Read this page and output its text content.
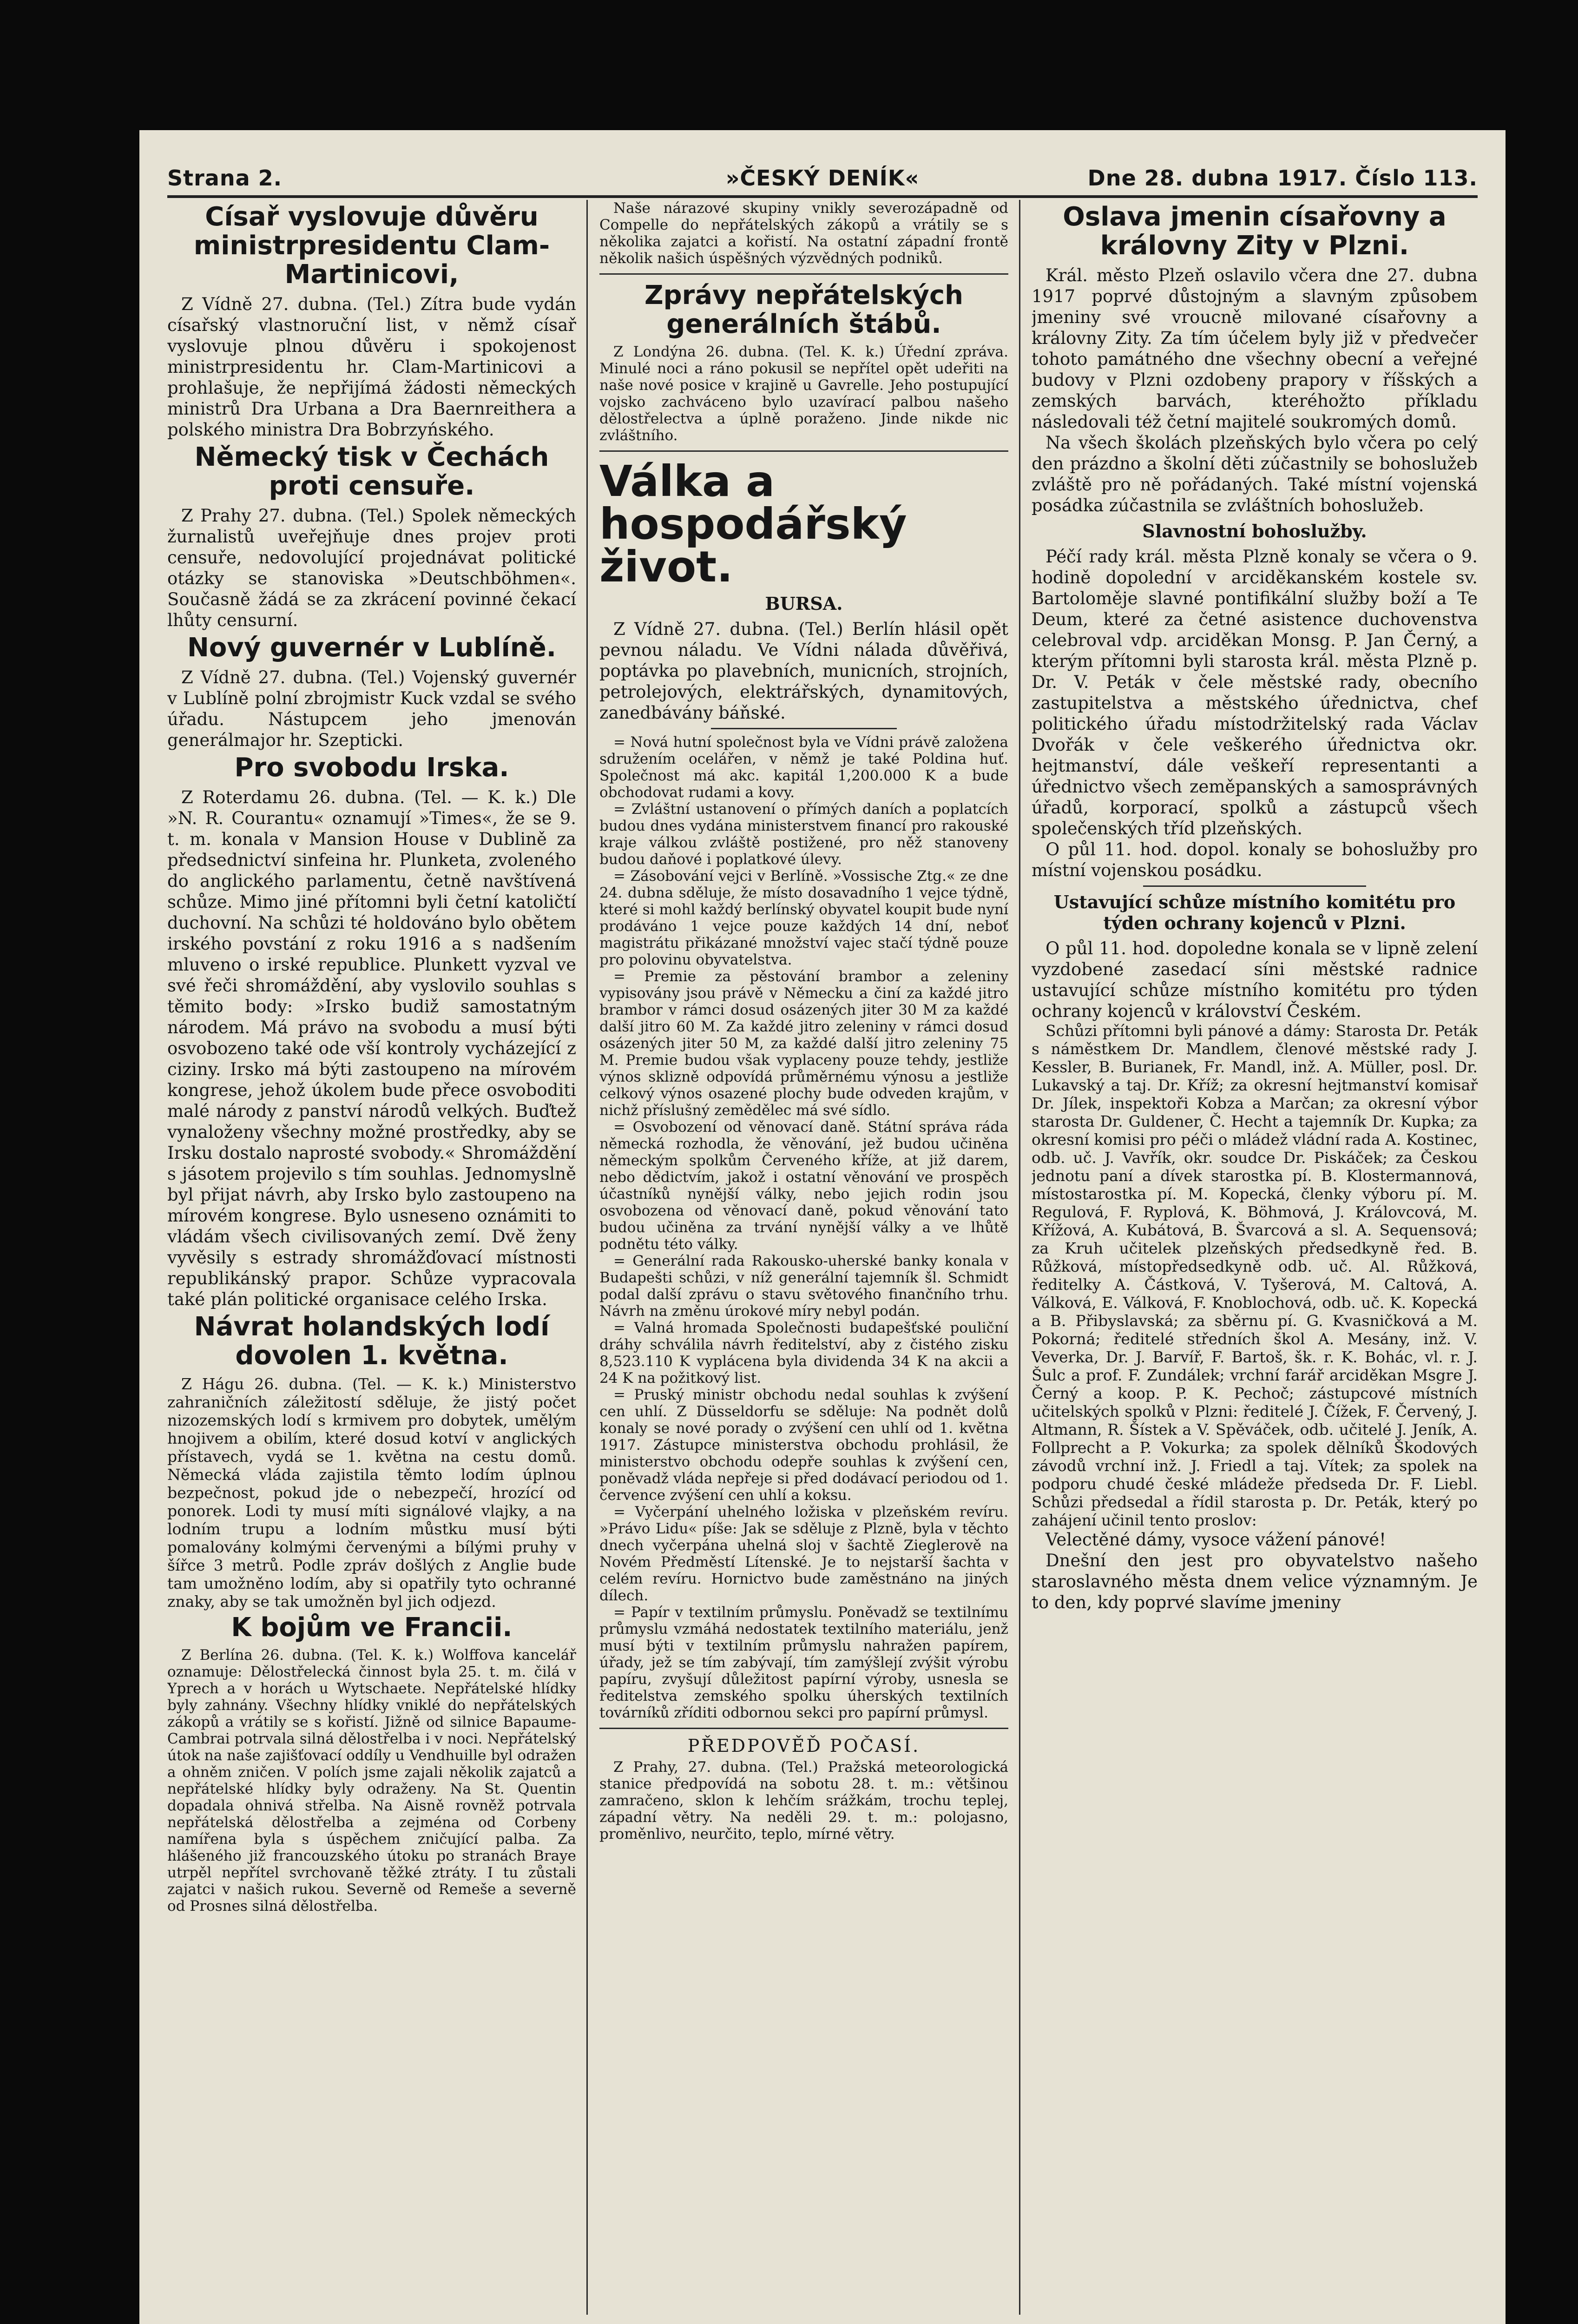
Strana 2.	»ČESKÝ DENÍK«	Dne 28. dubna 1917. Číslo 113.
Císař vyslovuje důvěru ministrpresidentu Clam-Martinicovi,

Z Vídně 27. dubna. (Tel.) Zítra bude vydán císařský vlastnoruční list, v němž císař vyslovuje plnou důvěru i spokojenost ministrpresidentu hr. Clam-Martinicovi a prohlašuje, že nepřijímá žádosti německých ministrů Dra Urbana a Dra Baernreithera a polského ministra Dra Bobrzyńského.

Německý tisk v Čechách proti censuře.

Z Prahy 27. dubna. (Tel.) Spolek německých žurnalistů uveřejňuje dnes projev proti censuře, nedovolující projednávat politické otázky se stanoviska »Deutschböhmen«. Současně žádá se za zkrácení povinné čekací lhůty censurní.

Nový guvernér v Lublíně.

Z Vídně 27. dubna. (Tel.) Vojenský guvernér v Lublíně polní zbrojmistr Kuck vzdal se svého úřadu. Nástupcem jeho jmenován generálmajor hr. Szepticki.

Pro svobodu Irska.

Z Roterdamu 26. dubna. (Tel. — K. k.) Dle »N. R. Courantu« oznamují »Times«, že se 9. t. m. konala v Mansion House v Dublině za předsednictví sinfeina hr. Plunketa, zvoleného do anglického parlamentu, četně navštívená schůze. Mimo jiné přítomni byli četní katoličtí duchovní. Na schůzi té holdováno bylo obětem irského povstání z roku 1916 a s nadšením mluveno o irské republice. Plunkett vyzval ve své řeči shromáždění, aby vyslovilo souhlas s těmito body: »Irsko budiž samostatným národem. Má právo na svobodu a musí býti osvobozeno také ode vší kontroly vycházející z ciziny. Irsko má býti zastoupeno na mírovém kongrese, jehož úkolem bude přece osvoboditi malé národy z panství národů velkých. Buďtež vynaloženy všechny možné prostředky, aby se Irsku dostalo naprosté svobody.« Shromáždění s jásotem projevilo s tím souhlas. Jednomyslně byl přijat návrh, aby Irsko bylo zastoupeno na mírovém kongrese. Bylo usneseno oznámiti to vládám všech civilisovaných zemí. Dvě ženy vyvěsily s estrady shromážďovací místnosti republikánský prapor. Schůze vypracovala také plán politické organisace celého Irska.

Návrat holandských lodí dovolen 1. května.

Z Hágu 26. dubna. (Tel. — K. k.) Ministerstvo zahraničních záležitostí sděluje, že jistý počet nizozemských lodí s krmivem pro dobytek, umělým hnojivem a obilím, které dosud kotví v anglických přístavech, vydá se 1. května na cestu domů. Německá vláda zajistila těmto lodím úplnou bezpečnost, pokud jde o nebezpečí, hrozící od ponorek. Lodi ty musí míti signálové vlajky, a na lodním trupu a lodním můstku musí býti pomalovány kolmými červenými a bílými pruhy v šířce 3 metrů. Podle zpráv došlých z Anglie bude tam umožněno lodím, aby si opatřily tyto ochranné znaky, aby se tak umožněn byl jich odjezd.

K bojům ve Francii.

Z Berlína 26. dubna. (Tel. K. k.) Wolffova kancelář oznamuje: Dělostřelecká činnost byla 25. t. m. čilá v Yprech a v horách u Wytschaete. Nepřátelské hlídky byly zahnány. Všechny hlídky vniklé do nepřátelských zákopů a vrátily se s kořistí. Jižně od silnice Bapaume-Cambrai potrvala silná dělostřelba i v noci. Nepřátelský útok na naše zajišťovací oddíly u Vendhuille byl odražen a ohněm zničen. V polích jsme zajali několik zajatců a nepřátelské hlídky byly odraženy. Na St. Quentin dopadala ohnivá střelba. Na Aisně rovněž potrvala nepřátelská dělostřelba a zejména od Corbeny namířena byla s úspěchem zničující palba. Za hlášeného již francouzského útoku po stranách Braye utrpěl nepřítel svrchovaně těžké ztráty. I tu zůstali zajatci v našich rukou. Severně od Remeše a severně od Prosnes silná dělostřelba.

Naše nárazové skupiny vnikly severozápadně od Compelle do nepřátelských zákopů a vrátily se s několika zajatci a kořistí. Na ostatní západní frontě několik našich úspěšných výzvědných podniků.

Zprávy nepřátelských generálních štábů.

Z Londýna 26. dubna. (Tel. K. k.) Úřední zpráva. Minulé noci a ráno pokusil se nepřítel opět udeřiti na naše nové posice v krajině u Gavrelle. Jeho postupující vojsko zachváceno bylo uzavírací palbou našeho dělostřelectva a úplně poraženo. Jinde nikde nic zvláštního.

Válka a hospodářský život.
BURSA.

Z Vídně 27. dubna. (Tel.) Berlín hlásil opět pevnou náladu. Ve Vídni nálada důvěřivá, poptávka po plavebních, municních, strojních, petrolejových, elektrářských, dynamitových, zanedbávány báňské.

= Nová hutní společnost byla ve Vídni právě založena sdružením ocelářen, v němž je také Poldina huť. Společnost má akc. kapitál 1,200.000 K a bude obchodovat rudami a kovy.

= Zvláštní ustanovení o přímých daních a poplatcích budou dnes vydána ministerstvem financí pro rakouské kraje válkou zvláště postižené, pro něž stanoveny budou daňové i poplatkové úlevy.

= Zásobování vejci v Berlíně. »Vossische Ztg.« ze dne 24. dubna sděluje, že místo dosavadního 1 vejce týdně, které si mohl každý berlínský obyvatel koupit bude nyní prodáváno 1 vejce pouze každých 14 dní, neboť magistrátu přikázané množství vajec stačí týdně pouze pro polovinu obyvatelstva.

= Premie za pěstování brambor a zeleniny vypisovány jsou právě v Německu a činí za každé jitro brambor v rámci dosud osázených jiter 30 M za každé další jitro 60 M. Za každé jitro zeleniny v rámci dosud osázených jiter 50 M, za každé další jitro zeleniny 75 M. Premie budou však vyplaceny pouze tehdy, jestliže výnos sklizně odpovídá průměrnému výnosu a jestliže celkový výnos osazené plochy bude odveden krajům, v nichž příslušný zemědělec má své sídlo.

= Osvobození od věnovací daně. Státní správa ráda německá rozhodla, že věnování, jež budou učiněna německým spolkům Červeného kříže, at již darem, nebo dědictvím, jakož i ostatní věnování ve prospěch účastníků nynější války, nebo jejich rodin jsou osvobozena od věnovací daně, pokud věnování tato budou učiněna za trvání nynější války a ve lhůtě podnětu této války.

= Generální rada Rakousko-uherské banky konala v Budapešti schůzi, v níž generální tajemník šl. Schmidt podal další zprávu o stavu světového finančního trhu. Návrh na změnu úrokové míry nebyl podán.

= Valná hromada Společnosti budapešťské pouliční dráhy schválila návrh ředitelství, aby z čistého zisku 8,523.110 K vyplácena byla dividenda 34 K na akcii a 24 K na požitkový list.

= Pruský ministr obchodu nedal souhlas k zvýšení cen uhlí. Z Düsseldorfu se sděluje: Na podnět dolů konaly se nové porady o zvýšení cen uhlí od 1. května 1917. Zástupce ministerstva obchodu prohlásil, že ministerstvo obchodu odepře souhlas k zvýšení cen, poněvadž vláda nepřeje si před dodávací periodou od 1. července zvýšení cen uhlí a koksu.

= Vyčerpání uhelného ložiska v plzeňském revíru. »Právo Lidu« píše: Jak se sděluje z Plzně, byla v těchto dnech vyčerpána uhelná sloj v šachtě Zieglerově na Novém Předměstí Lítenské. Je to nejstarší šachta v celém revíru. Hornictvo bude zaměstnáno na jiných dílech.

= Papír v textilním průmyslu. Poněvadž se textilnímu průmyslu vzmáhá nedostatek textilního materiálu, jenž musí býti v textilním průmyslu nahražen papírem, úřady, jež se tím zabývají, tím zamýšlejí zvýšit výrobu papíru, zvyšují důležitost papírní výroby, usnesla se ředitelstva zemského spolku úherských textilních továrníků zříditi odbornou sekci pro papírní průmysl.

PŘEDPOVĚĎ POČASÍ.

Z Prahy, 27. dubna. (Tel.) Pražská meteorologická stanice předpovídá na sobotu 28. t. m.: většinou zamračeno, sklon k lehčím srážkám, trochu teplej, západní větry. Na neděli 29. t. m.: polojasno, proměnlivo, neurčito, teplo, mírné větry.

Oslava jmenin císařovny a královny Zity v Plzni.

Král. město Plzeň oslavilo včera dne 27. dubna 1917 poprvé důstojným a slavným způsobem jmeniny své vroucně milované císařovny a královny Zity. Za tím účelem byly již v předvečer tohoto památného dne všechny obecní a veřejné budovy v Plzni ozdobeny prapory v říšských a zemských barvách, kteréhožto příkladu následovali též četní majitelé soukromých domů.

Na všech školách plzeňských bylo včera po celý den prázdno a školní děti zúčastnily se bohoslužeb zvláště pro ně pořádaných. Také místní vojenská posádka zúčastnila se zvláštních bohoslužeb.

Slavnostní bohoslužby.

Péčí rady král. města Plzně konaly se včera o 9. hodině dopolední v arciděkanském kostele sv. Bartoloměje slavné pontifikální služby boží a Te Deum, které za četné asistence duchovenstva celebroval vdp. arciděkan Monsg. P. Jan Černý, a kterým přítomni byli starosta král. města Plzně p. Dr. V. Peták v čele městské rady, obecního zastupitelstva a městského úřednictva, chef politického úřadu místodržitelský rada Václav Dvořák v čele veškerého úřednictva okr. hejtmanství, dále veškeří representanti a úřednictvo všech zeměpanských a samosprávných úřadů, korporací, spolků a zástupců všech společenských tříd plzeňských.

O půl 11. hod. dopol. konaly se bohoslužby pro místní vojenskou posádku.

Ustavující schůze místního komitétu pro týden ochrany kojenců v Plzni.

O půl 11. hod. dopoledne konala se v lipně zelení vyzdobené zasedací síni městské radnice ustavující schůze místního komitétu pro týden ochrany kojenců v království Českém.

Schůzi přítomni byli pánové a dámy: Starosta Dr. Peták s náměstkem Dr. Mandlem, členové městské rady J. Kessler, B. Burianek, Fr. Mandl, inž. A. Müller, posl. Dr. Lukavský a taj. Dr. Kříž; za okresní hejtmanství komisař Dr. Jílek, inspektoři Kobza a Marčan; za okresní výbor starosta Dr. Guldener, Č. Hecht a tajemník Dr. Kupka; za okresní komisi pro péči o mládež vládní rada A. Kostinec, odb. uč. J. Vavřík, okr. soudce Dr. Piskáček; za Českou jednotu paní a dívek starostka pí. B. Klostermannová, místostarostka pí. M. Kopecká, členky výboru pí. M. Regulová, F. Ryplová, K. Böhmová, J. Královcová, M. Křížová, A. Kubátová, B. Švarcová a sl. A. Sequensová; za Kruh učitelek plzeňských předsedkyně řed. B. Růžková, místopředsedkyně odb. uč. Al. Růžková, ředitelky A. Částková, V. Tyšerová, M. Caltová, A. Válková, E. Válková, F. Knoblochová, odb. uč. K. Kopecká a B. Přibyslavská; za sběrnu pí. G. Kvasničková a M. Pokorná; ředitelé středních škol A. Mesány, inž. V. Veverka, Dr. J. Barvíř, F. Bartoš, šk. r. K. Bohác, vl. r. J. Šulc a prof. F. Zundálek; vrchní farář arciděkan Msgre J. Černý a koop. P. K. Pechoč; zástupcové místních učitelských spolků v Plzni: ředitelé J. Čížek, F. Červený, J. Altmann, R. Šístek a V. Spěváček, odb. učitelé J. Jeník, A. Follprecht a P. Vokurka; za spolek dělníků Škodových závodů vrchní inž. J. Friedl a taj. Vítek; za spolek na podporu chudé české mládeže předseda Dr. F. Liebl. Schůzi předsedal a řídil starosta p. Dr. Peták, který po zahájení učinil tento proslov:

Velectěné dámy, vysoce vážení pánové!

Dnešní den jest pro obyvatelstvo našeho staroslavného města dnem velice významným. Je to den, kdy poprvé slavíme jmeniny
